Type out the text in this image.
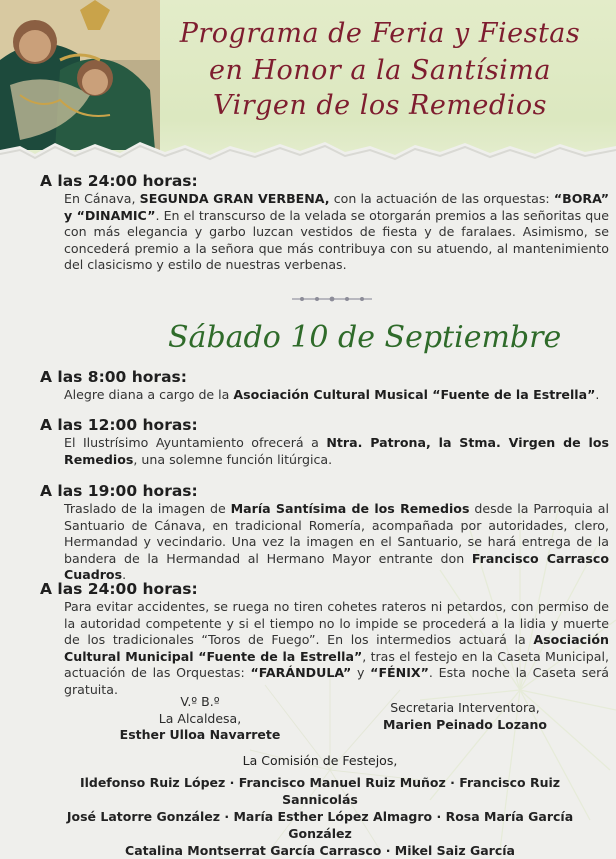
Programa de Feria y Fiestas
en Honor a la Santísima
Virgen de los Remedios

A las 24:00 horas:

En Cánava, SEGUNDA GRAN VERBENA, con la actuación de las orquestas: “BORA” y “DINAMIC”. En el transcurso de la velada se otorgarán premios a las señoritas que con más elegancia y garbo luzcan vestidos de fiesta y de faralaes. Asimismo, se concederá premio a la señora que más contribuya con su atuendo, al mantenimiento del clasicismo y estilo de nuestras verbenas.

Sábado 10 de Septiembre

A las 8:00 horas:

Alegre diana a cargo de la Asociación Cultural Musical “Fuente de la Estrella”.

A las 12:00 horas:

El Ilustrísimo Ayuntamiento ofrecerá a Ntra. Patrona, la Stma. Virgen de los Remedios, una solemne función litúrgica.

A las 19:00 horas:

Traslado de la imagen de María Santísima de los Remedios desde la Parroquia al Santuario de Cánava, en tradicional Romería, acompañada por autoridades, clero, Hermandad y vecindario. Una vez la imagen en el Santuario, se hará entrega de la bandera de la Hermandad al Hermano Mayor entrante don Francisco Carrasco Cuadros.

A las 24:00 horas:

Para evitar accidentes, se ruega no tiren cohetes rateros ni petardos, con permiso de la autoridad competente y si el tiempo no lo impide se procederá a la lidia y muerte de los tradicionales “Toros de Fuego”. En los intermedios actuará la Asociación Cultural Municipal “Fuente de la Estrella”, tras el festejo en la Caseta Municipal, actuación de las Orquestas: “FARÁNDULA” y “FÉNIX”. Esta noche la Caseta será gratuita.

V.º B.º
La Alcaldesa,
Esther Ulloa Navarrete
Secretaria Interventora,
Marien Peinado Lozano
La Comisión de Festejos,
Ildefonso Ruiz López · Francisco Manuel Ruiz Muñoz · Francisco Ruiz Sannicolás
José Latorre González · María Esther López Almagro · Rosa María García González
Catalina Montserrat García Carrasco · Mikel Saiz García
